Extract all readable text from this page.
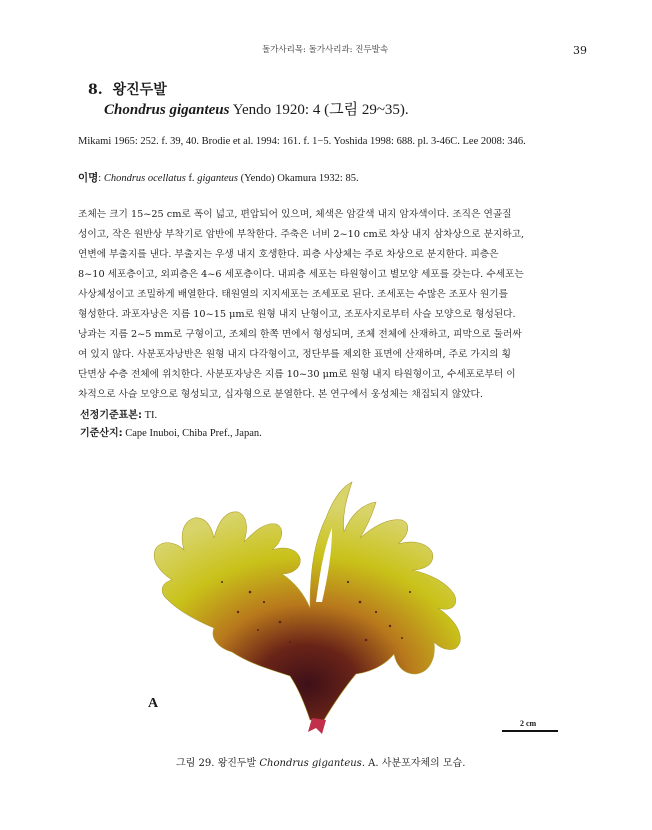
돌가사리목: 돌가사리과: 진두발속	39
8. 왕진두발
Chondrus giganteus Yendo 1920: 4 (그림 29~35).
Mikami 1965: 252. f. 39, 40. Brodie et al. 1994: 161. f. 1−5. Yoshida 1998: 688. pl. 3-46C. Lee 2008: 346.
이명: Chondrus ocellatus f. giganteus (Yendo) Okamura 1932: 85.
조체는 크기 15~25 cm로 폭이 넓고, 편압되어 있으며, 체색은 암갈색 내지 암자색이다. 조직은 연골질
성이고, 작은 원반상 부착기로 암반에 부착한다. 주축은 너비 2~10 cm로 차상 내지 삼차상으로 분지하고,
연변에 부출지를 낸다. 부출지는 우생 내지 호생한다. 피층 사상체는 주로 차상으로 분지한다. 피층은
8~10 세포층이고, 외피층은 4~6 세포층이다. 내피층 세포는 타원형이고 별모양 세포를 갖는다. 수세포는
사상체성이고 조밀하게 배열한다. 태원열의 지지세포는 조세포로 된다. 조세포는 수많은 조포사 원기를
형성한다. 과포자낭은 지름 10~15 μm로 원형 내지 난형이고, 조포사지로부터 사슬 모양으로 형성된다.
낭과는 지름 2~5 mm로 구형이고, 조체의 한쪽 면에서 형성되며, 조체 전체에 산재하고, 피막으로 둘러싸
여 있지 않다. 사분포자낭반은 원형 내지 다각형이고, 정단부를 제외한 표면에 산재하며, 주로 가지의 횡
단면상 수층 전체에 위치한다. 사분포자낭은 지름 10~30 μm로 원형 내지 타원형이고, 수세포로부터 이
차적으로 사슬 모양으로 형성되고, 십자형으로 분열한다. 본 연구에서 웅성체는 채집되지 않았다.
선정기준표본: TI.
기준산지: Cape Inuboi, Chiba Pref., Japan.
A
2 cm
그림 29. 왕진두발 Chondrus giganteus. A. 사분포자체의 모습.
